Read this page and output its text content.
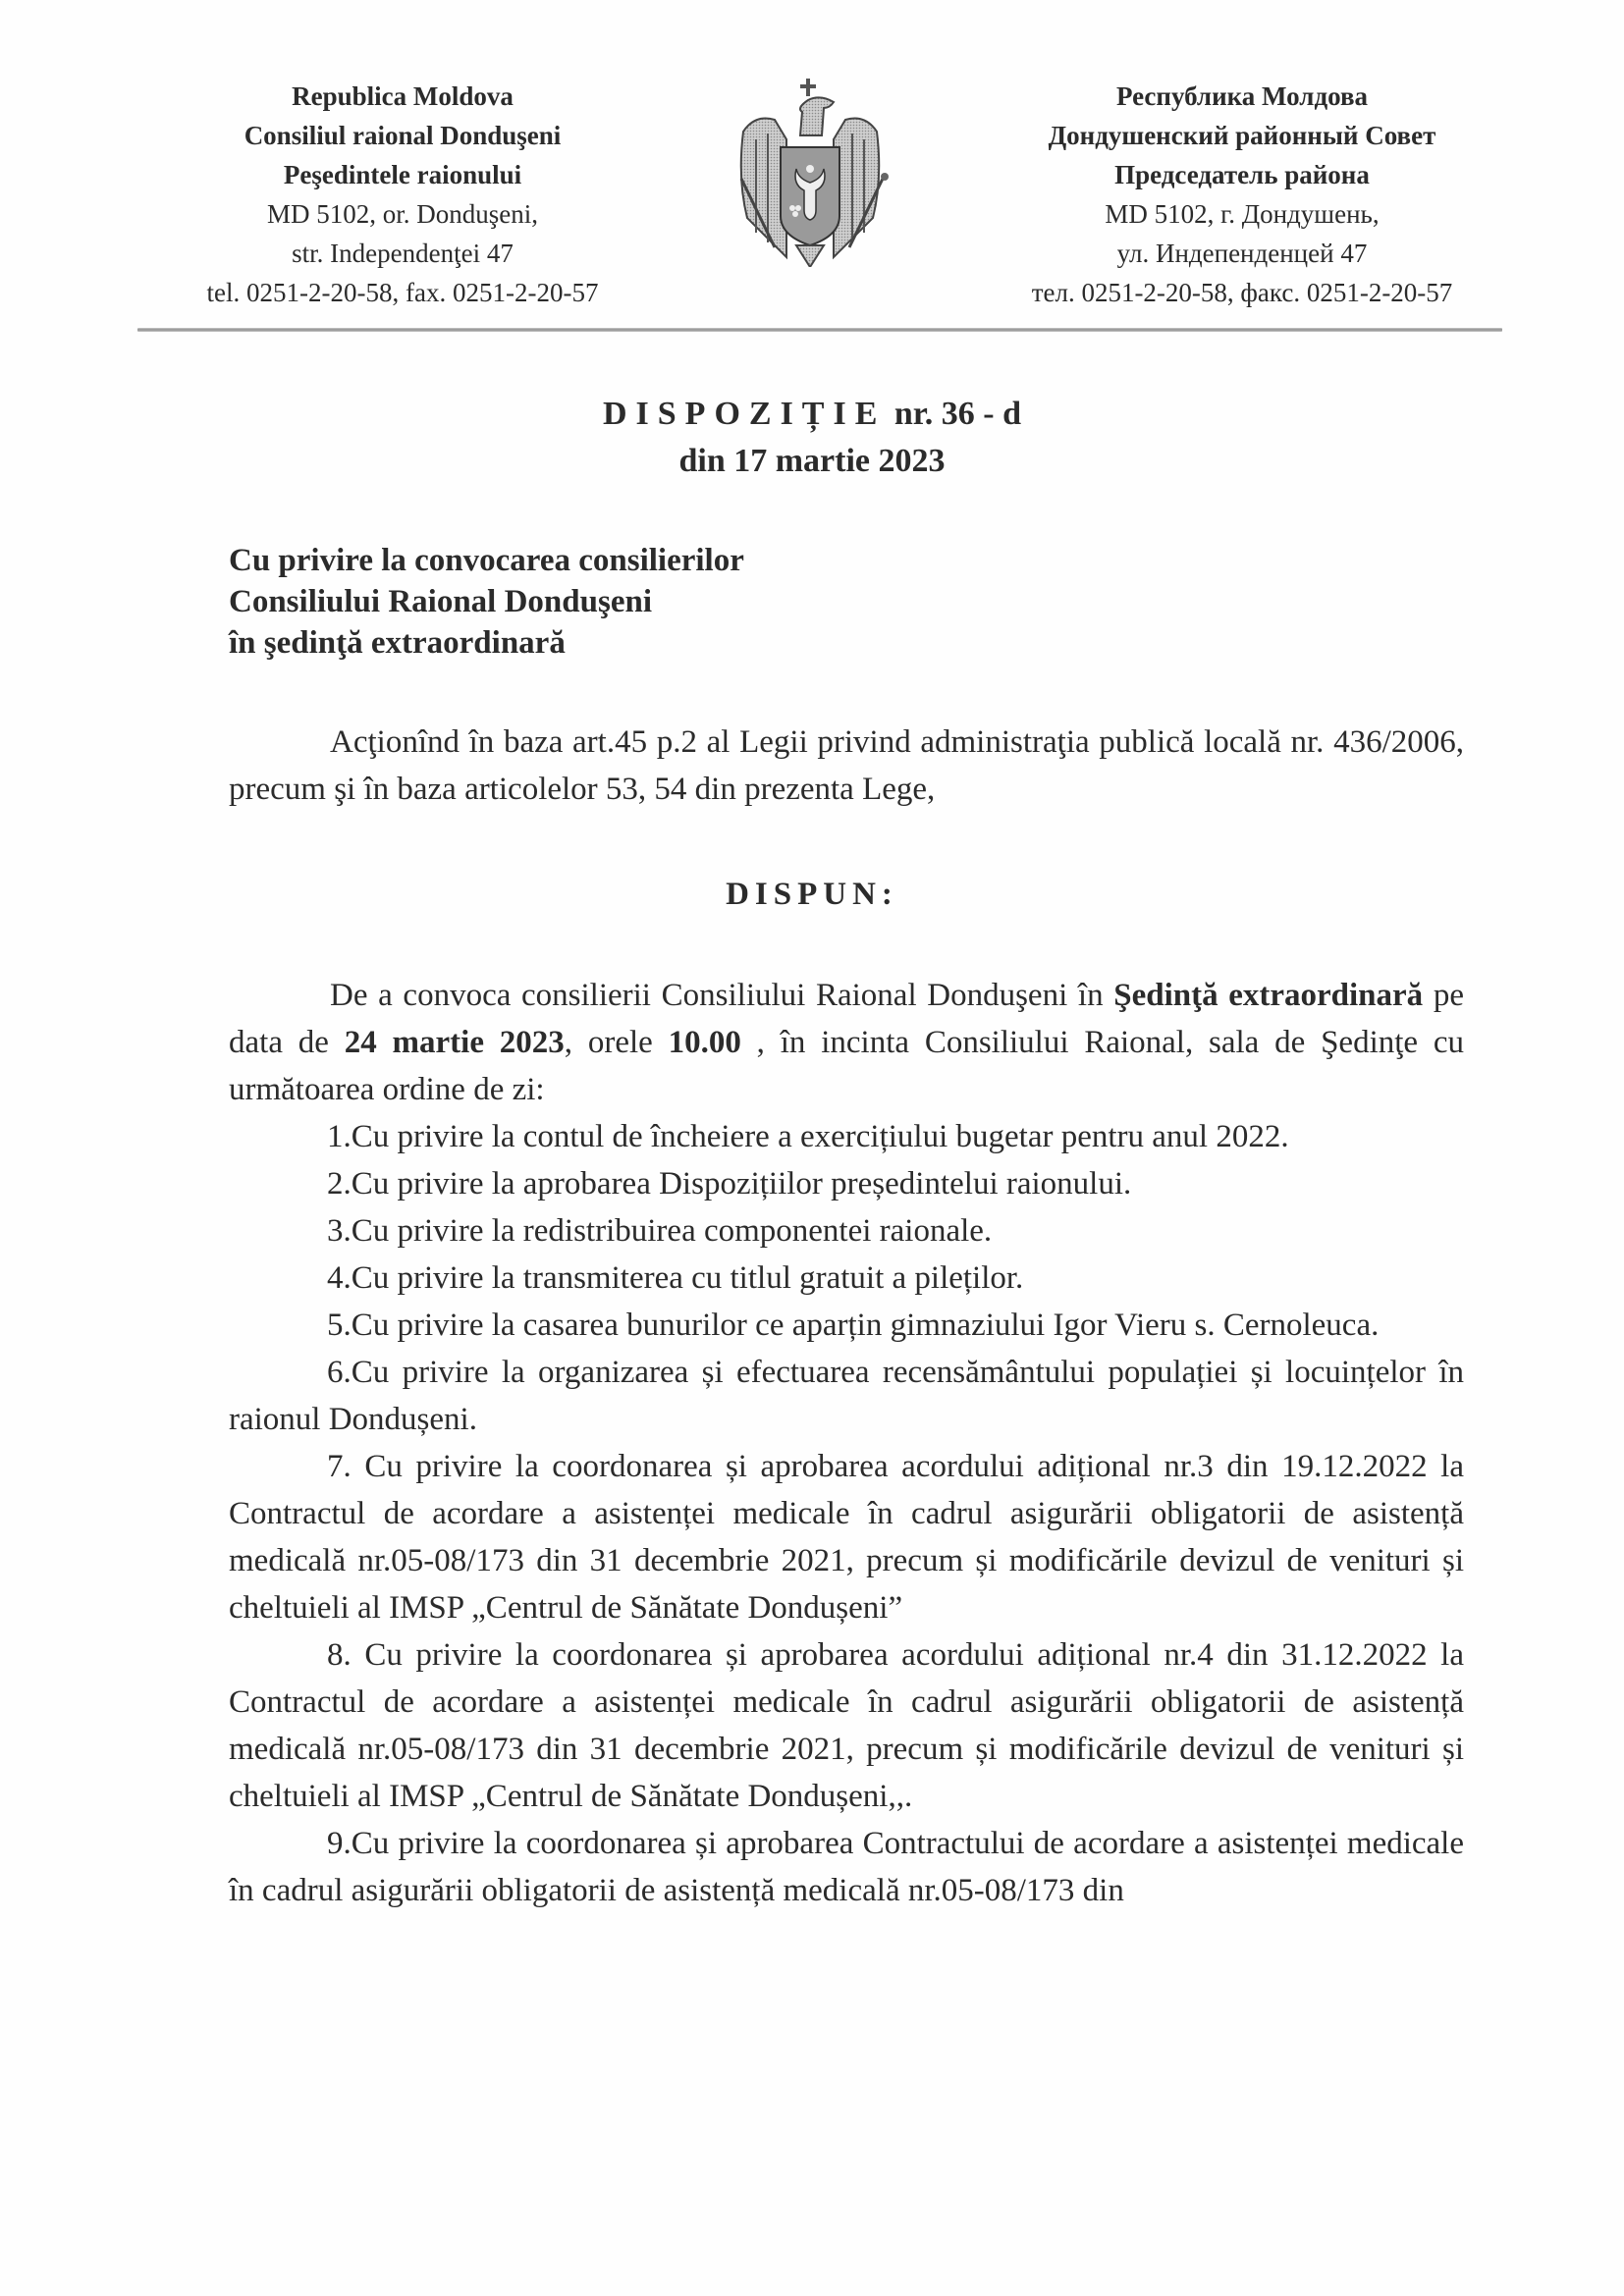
Republica Moldova
Consiliul raional Donduşeni
Peşedintele raionului
MD 5102, or. Donduşeni,
str. Independenţei 47
tel. 0251-2-20-58, fax. 0251-2-20-57
Республика Молдова
Дондушенский районный Совет
Председатель района
MD 5102, г. Дондушень,
ул. Индепенденцей 47
тел. 0251-2-20-58, факс. 0251-2-20-57
DISPOZIȚIE nr. 36 - d
din 17 martie 2023
Cu privire la convocarea consilierilor
Consiliului Raional Donduşeni
în şedinţă extraordinară

Acţionînd în baza art.45 p.2 al Legii privind administraţia publică locală nr. 436/2006, precum şi în baza articolelor 53, 54 din prezenta Lege,

DISPUN:

De a convoca consilierii Consiliului Raional Donduşeni în Şedinţă extraordinară pe data de 24 martie 2023, orele 10.00 , în incinta Consiliului Raional, sala de Şedinţe cu următoarea ordine de zi:

1.Cu privire la contul de încheiere a exercițiului bugetar pentru anul 2022.

2.Cu privire la aprobarea Dispozițiilor președintelui raionului.

3.Cu privire la redistribuirea componentei raionale.

4.Cu privire la transmiterea cu titlul gratuit a pileților.

5.Cu privire la casarea bunurilor ce aparțin gimnaziului Igor Vieru s. Cernoleuca.

6.Cu privire la organizarea și efectuarea recensământului populației și locuințelor în raionul Dondușeni.

7. Cu privire la coordonarea și aprobarea acordului adițional nr.3 din 19.12.2022 la Contractul de acordare a asistenței medicale în cadrul asigurării obligatorii de asistență medicală nr.05-08/173 din 31 decembrie 2021, precum și modificările devizul de venituri și cheltuieli al IMSP „Centrul de Sănătate Dondușeni”

8. Cu privire la coordonarea și aprobarea acordului adițional nr.4 din 31.12.2022 la Contractul de acordare a asistenței medicale în cadrul asigurării obligatorii de asistență medicală nr.05-08/173 din 31 decembrie 2021, precum și modificările devizul de venituri și cheltuieli al IMSP „Centrul de Sănătate Dondușeni,,.

9.Cu privire la coordonarea și aprobarea Contractului de acordare a asistenței medicale în cadrul asigurării obligatorii de asistență medicală nr.05-08/173 din
